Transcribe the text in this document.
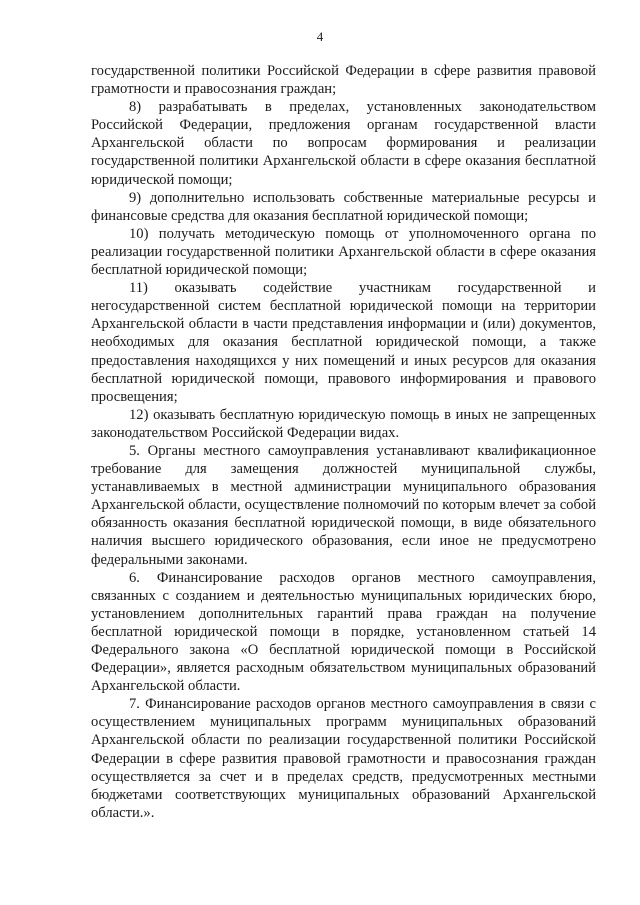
4

государственной политики Российской Федерации в сфере развития правовой грамотности и правосознания граждан;

8) разрабатывать в пределах, установленных законодательством Российской Федерации, предложения органам государственной власти Архангельской области по вопросам формирования и реализации государственной политики Архангельской области в сфере оказания бесплатной юридической помощи;

9) дополнительно использовать собственные материальные ресурсы и финансовые средства для оказания бесплатной юридической помощи;

10) получать методическую помощь от уполномоченного органа по реализации государственной политики Архангельской области в сфере оказания бесплатной юридической помощи;

11) оказывать содействие участникам государственной и негосударственной систем бесплатной юридической помощи на территории Архангельской области в части представления информации и (или) документов, необходимых для оказания бесплатной юридической помощи, а также предоставления находящихся у них помещений и иных ресурсов для оказания бесплатной юридической помощи, правового информирования и правового просвещения;

12) оказывать бесплатную юридическую помощь в иных не запрещенных законодательством Российской Федерации видах.

5. Органы местного самоуправления устанавливают квалификационное требование для замещения должностей муниципальной службы, устанавливаемых в местной администрации муниципального образования Архангельской области, осуществление полномочий по которым влечет за собой обязанность оказания бесплатной юридической помощи, в виде обязательного наличия высшего юридического образования, если иное не предусмотрено федеральными законами.

6. Финансирование расходов органов местного самоуправления, связанных с созданием и деятельностью муниципальных юридических бюро, установлением дополнительных гарантий права граждан на получение бесплатной юридической помощи в порядке, установленном статьей 14 Федерального закона «О бесплатной юридической помощи в Российской Федерации», является расходным обязательством муниципальных образований Архангельской области.

7. Финансирование расходов органов местного самоуправления в связи с осуществлением муниципальных программ муниципальных образований Архангельской области по реализации государственной политики Российской Федерации в сфере развития правовой грамотности и правосознания граждан осуществляется за счет и в пределах средств, предусмотренных местными бюджетами соответствующих муниципальных образований Архангельской области.».
